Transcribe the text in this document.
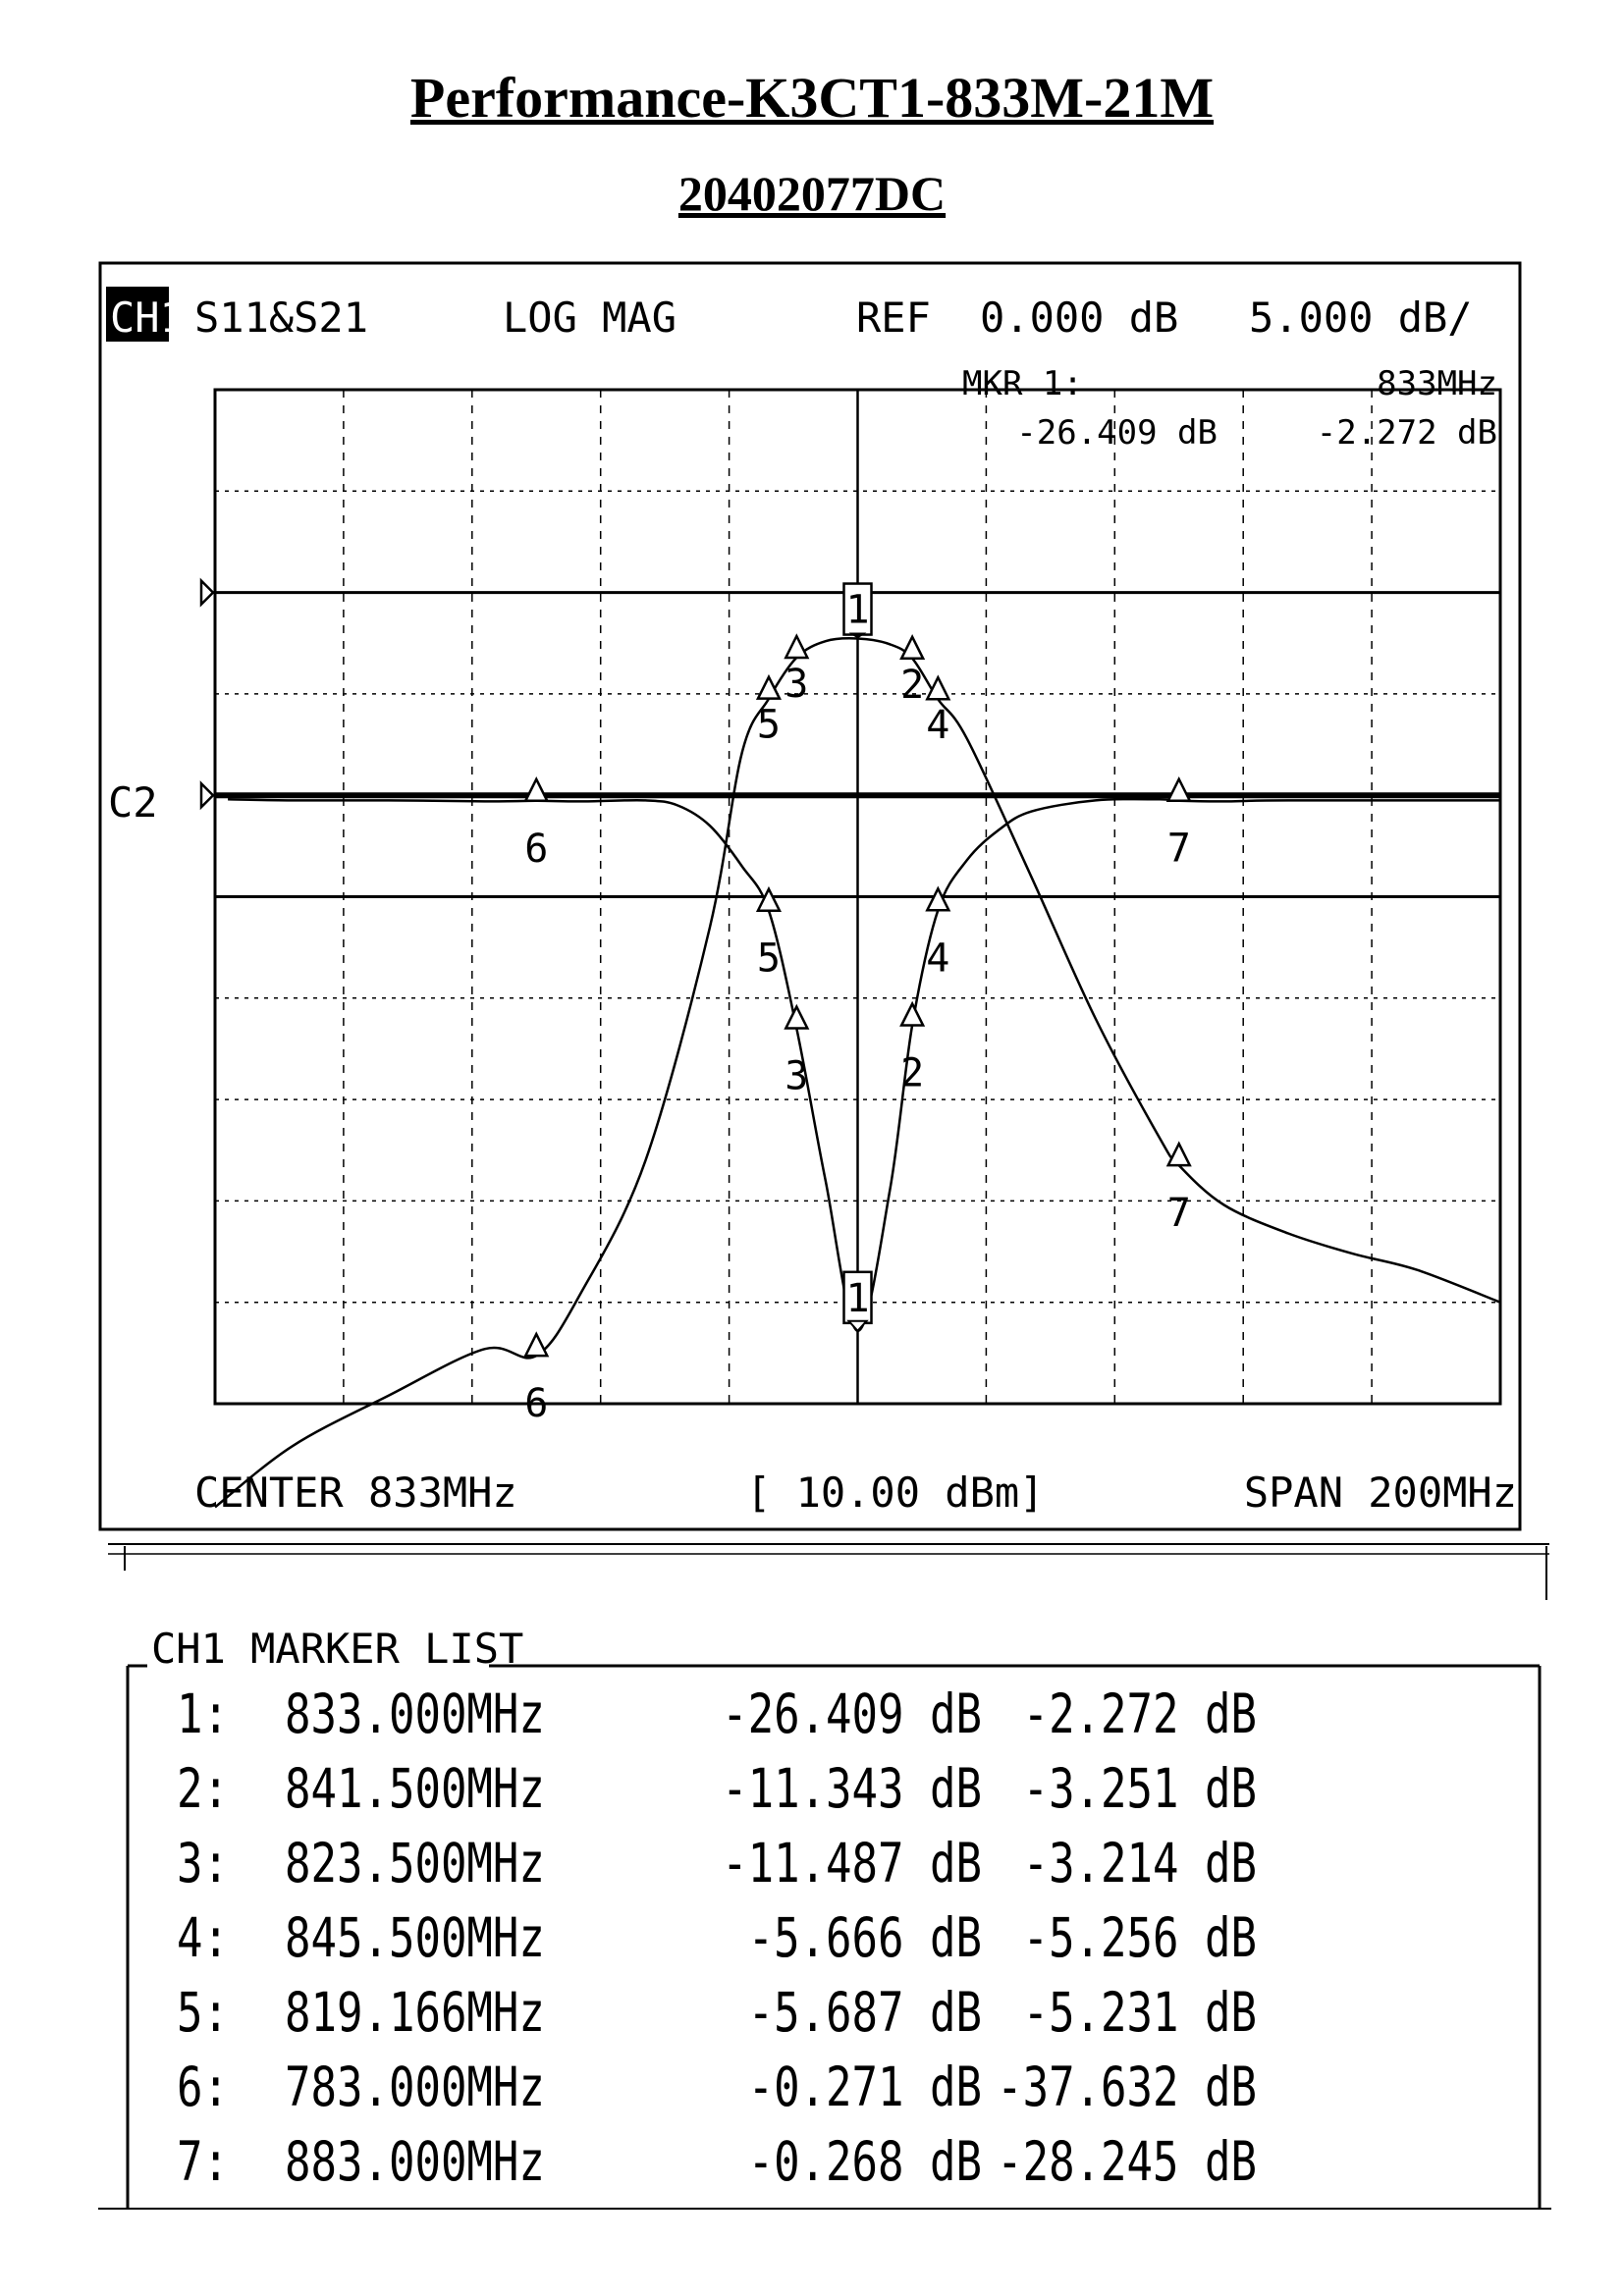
Performance-K3CT1-833M-21M
20402077DC
CH1 S11&S21	LOG MAG	REF 0.000 dB 5.000 dB/
MKR 1:	833MHz
-26.409 dB	-2.272 dB
C2
1
1
2
2
3
3
4
4
5
5
6
6
7
7
CENTER 833MHz	[ 10.00 dBm]	SPAN 200MHz
CH1 MARKER LIST
1: 833.000MHz	-26.409 dB -2.272 dB
2: 841.500MHz	-11.343 dB -3.251 dB
3: 823.500MHz	-11.487 dB -3.214 dB
4: 845.500MHz	-5.666 dB -5.256 dB
5: 819.166MHz	-5.687 dB -5.231 dB
6: 783.000MHz	-0.271 dB -37.632 dB
7: 883.000MHz	-0.268 dB -28.245 dB
